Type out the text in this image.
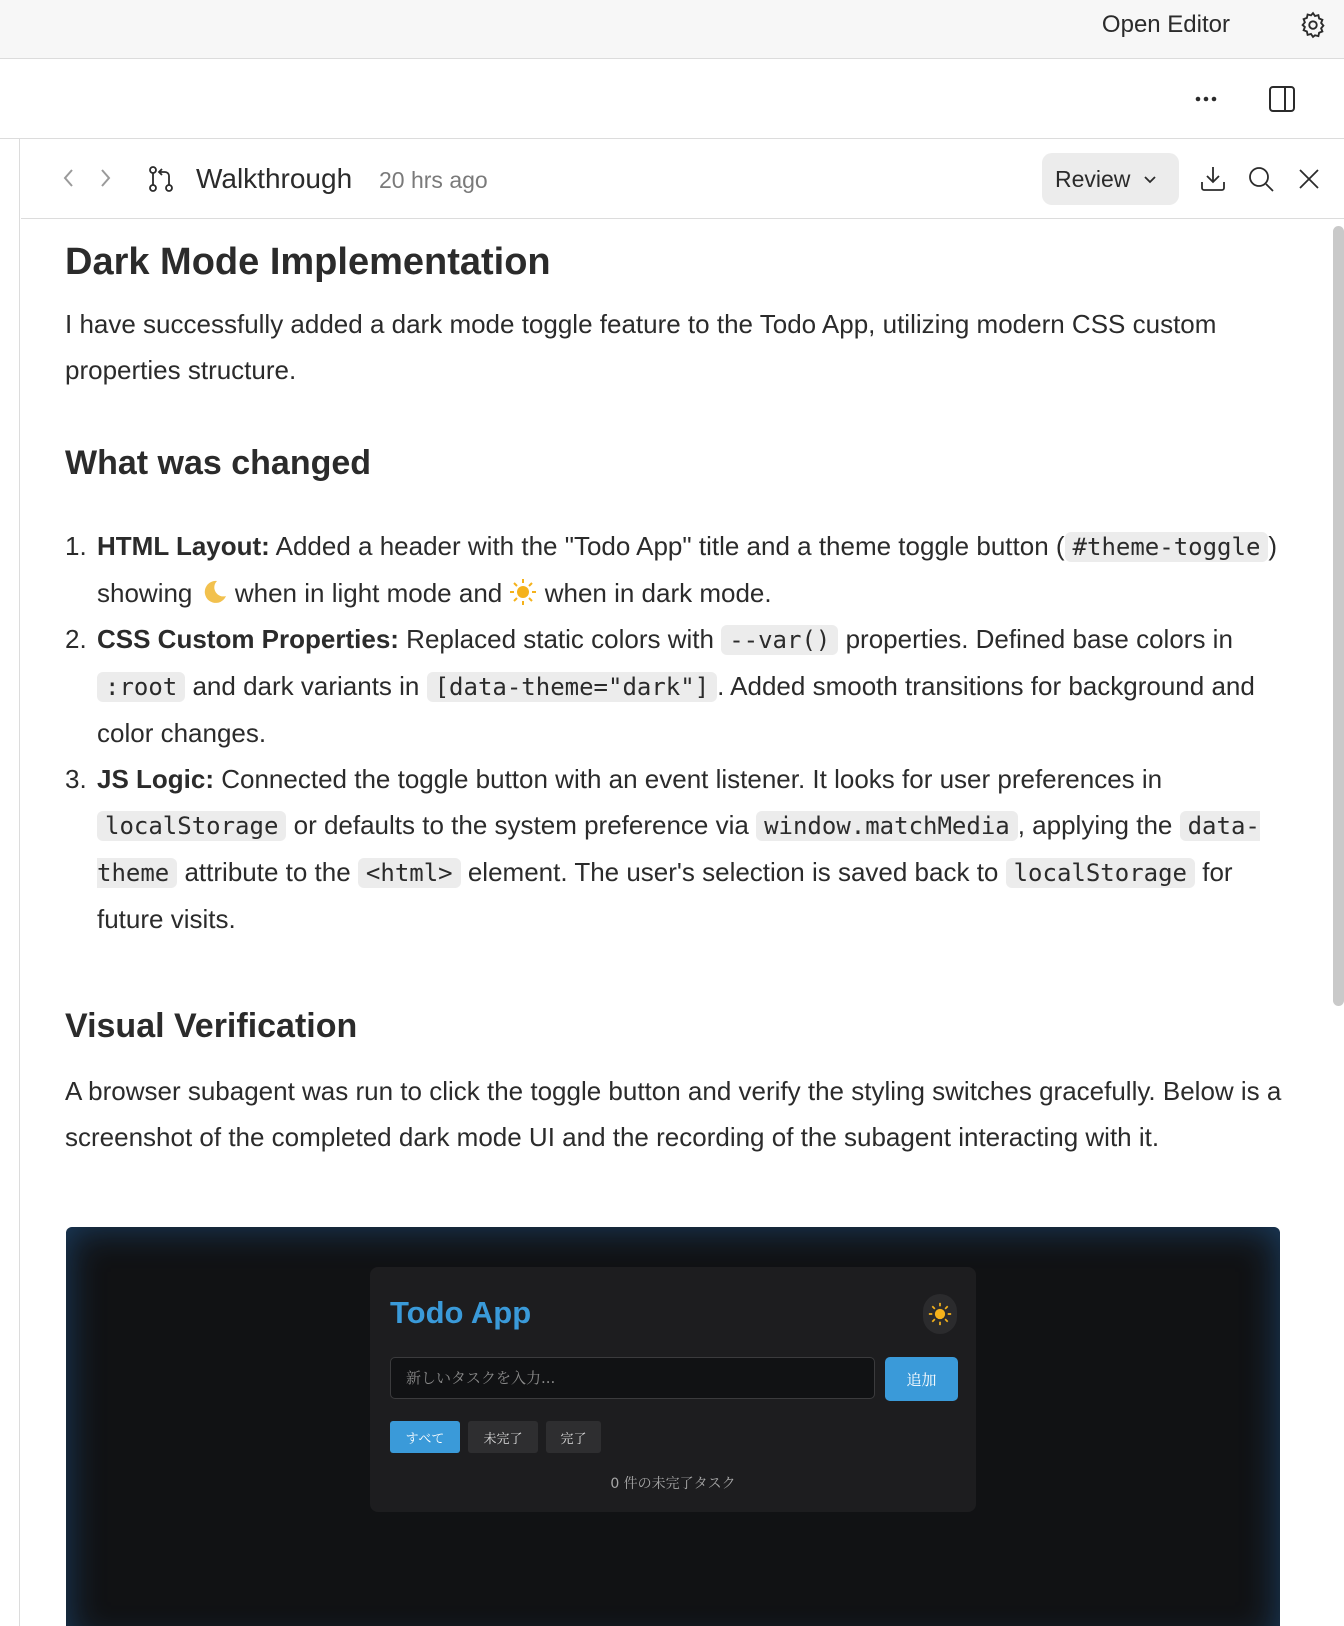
Open Editor
Walkthrough 20 hrs ago	Review
Dark Mode Implementation

I have successfully added a dark mode toggle feature to the Todo App, utilizing modern CSS custom properties structure.

What was changed
1. HTML Layout: Added a header with the "Todo App" title and a theme toggle button ( #theme-toggle ) showing  when in light mode and  when in dark mode.
2. CSS Custom Properties: Replaced static colors with --var() properties. Defined base colors in :root and dark variants in [data-theme="dark"] . Added smooth transitions for background and color changes.
3. JS Logic: Connected the toggle button with an event listener. It looks for user preferences in localStorage or defaults to the system preference via window.matchMedia , applying the data-theme attribute to the <html> element. The user's selection is saved back to localStorage for future visits.
Visual Verification

A browser subagent was run to click the toggle button and verify the styling switches gracefully. Below is a screenshot of the completed dark mode UI and the recording of the subagent interacting with it.

Todo App
新しいタスクを入力...
追加
すべて	未完了	完了
0 件の未完了タスク
